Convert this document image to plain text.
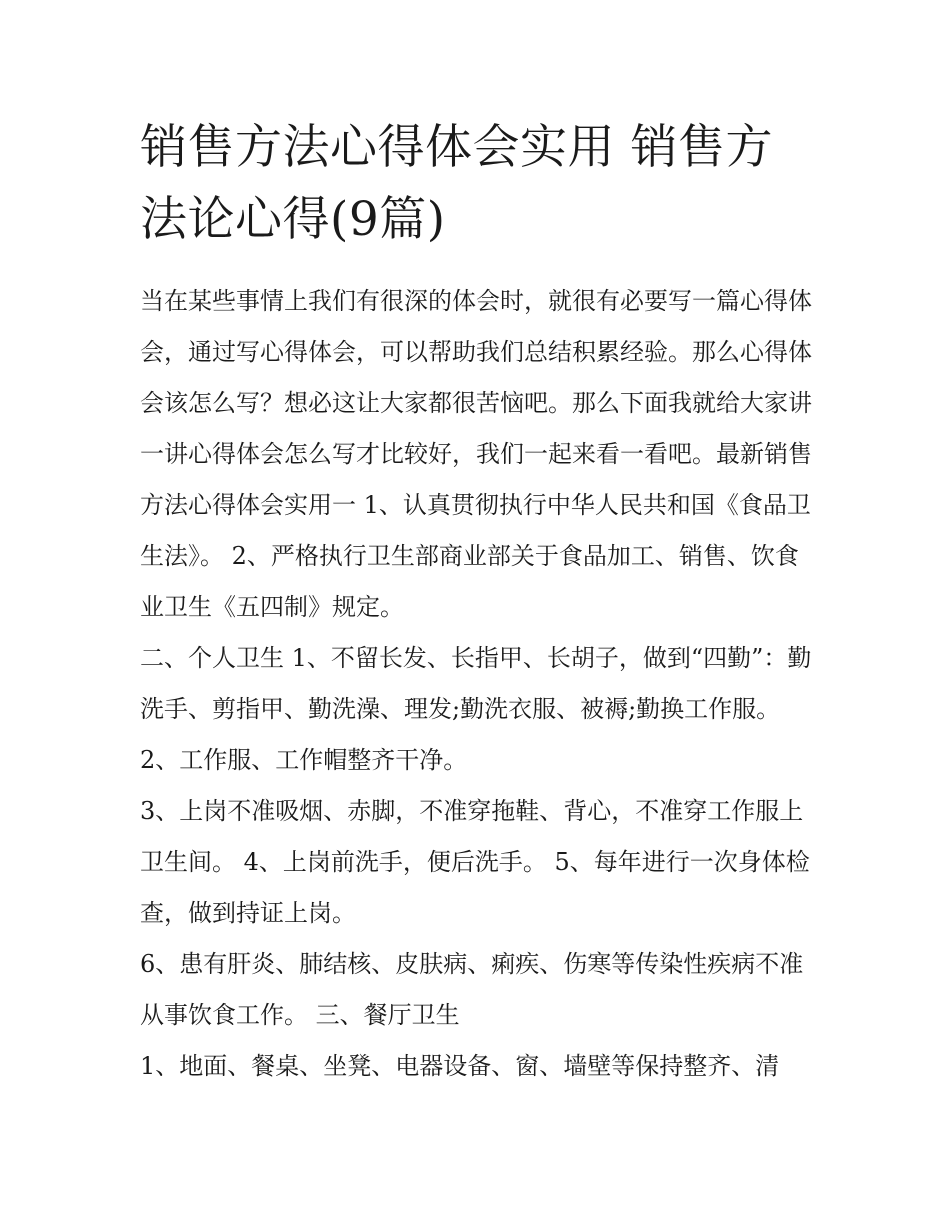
销售方法心得体会实用 销售方法论心得(9篇)

当在某些事情上我们有很深的体会时，就很有必要写一篇心得体会，通过写心得体会，可以帮助我们总结积累经验。那么心得体会该怎么写？想必这让大家都很苦恼吧。那么下面我就给大家讲一讲心得体会怎么写才比较好，我们一起来看一看吧。最新销售方法心得体会实用一 1、认真贯彻执行中华人民共和国《食品卫生法》。 2、严格执行卫生部商业部关于食品加工、销售、饮食业卫生《五四制》规定。

二、个人卫生 1、不留长发、长指甲、长胡子，做到“四勤”：勤洗手、剪指甲、勤洗澡、理发;勤洗衣服、被褥;勤换工作服。 2、工作服、工作帽整齐干净。

3、上岗不准吸烟、赤脚，不准穿拖鞋、背心，不准穿工作服上卫生间。 4、上岗前洗手，便后洗手。 5、每年进行一次身体检查，做到持证上岗。

6、患有肝炎、肺结核、皮肤病、痢疾、伤寒等传染性疾病不准从事饮食工作。 三、餐厅卫生

1、地面、餐桌、坐凳、电器设备、窗、墙壁等保持整齐、清
